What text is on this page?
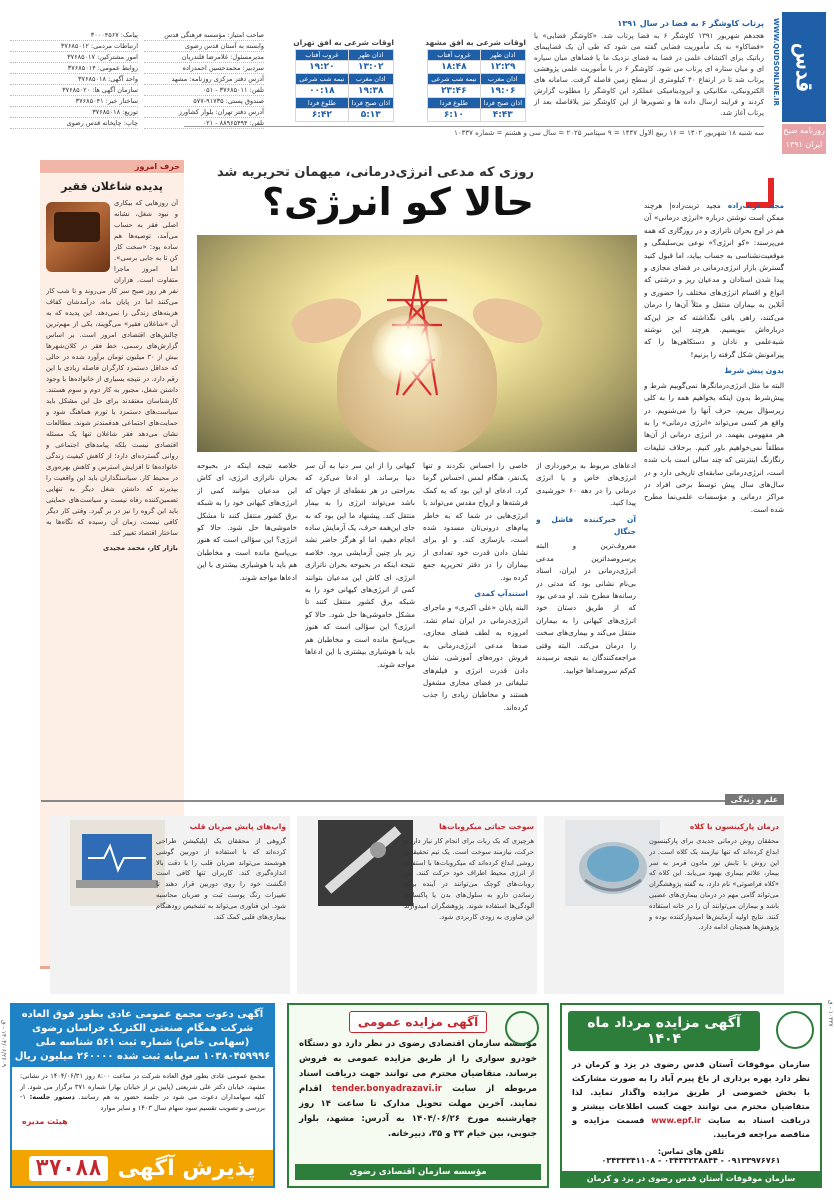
قدس
WWW.QUDSONLINE.IR
روزنامه صبح ایران ۱۳۹۱
پرتاب کاوشگر ۶ به فضا در سال ۱۳۹۱
هجدهم شهریور ۱۳۹۱ کاوشگر ۶ به فضا پرتاب شد. «کاوشگر فضایی» یا «فضاکاو» به یک مأموریت فضایی گفته می شود که طی آن یک فضاپیمای رباتیک برای اکتشاف علمی در فضا به فضای نزدیک ما یا فضاهای میان سیاره ای و میان ستاره ای پرتاب می شود. کاوشگر ۶ در با مأموریت علمی پژوهشی پرتاب شد تا در ارتفاع ۴۰ کیلومتری از سطح زمین فاصله گرفت. سامانه های الکترونیکی، مکانیکی و ایرودینامیکی عملکرد این کاوشگر را مطلوب گزارش کردند و فرایند ارسال داده ها و تصویرها از این کاوشگر نیز بلافاصله بعد از پرتاب آغاز شد.
اوقات شرعی به افق مشهد
اذان ظهر	غروب آفتاب
۱۲:۲۹	۱۸:۴۸
اذان مغرب	نیمه شب شرعی
۱۹:۰۶	۲۳:۴۶
اذان صبح فردا	طلوع فردا
۴:۴۳	۶:۱۰
اوقات شرعی به افق تهران
اذان ظهر	غروب آفتاب
۱۳:۰۲	۱۹:۲۰
اذان مغرب	نیمه شب شرعی
۱۹:۳۸	۰۰:۱۸
اذان صبح فردا	طلوع فردا
۵:۱۳	۶:۴۲
صاحب امتیاز: مؤسسه فرهنگی قدس
وابسته به آستان قدس رضوی
مدیرمسئول: غلامرضا قلندریان
سردبیر: محمدحسین احمدزاده
آدرس دفتر مرکزی روزنامه: مشهد
تلفن: ۳۷۶۸۵۰۱۱ - ۰۵۱
صندوق پستی: ۹۱۷۳۵-۵۷۷
آدرس دفتر تهران: بلوار کشاورز
تلفن: ۸۸۹۶۵۴۹۴ - ۰۲۱
پیامک: ۳۰۰۰۴۵۶۷
ارتباطات مردمی: ۳۷۶۸۵۰۱۲
امور مشترکین: ۳۷۶۸۵۰۱۷
روابط عمومی: ۳۷۶۸۵۰۱۴
واحد آگهی: ۳۷۶۸۵۰۱۸
سازمان آگهی ها: ۳۷۶۸۵۰۲۰
ساختار خبر: ۳۷۶۸۵۰۴۱
توزیع: ۳۷۶۸۵۰۱۸
چاپ: چاپخانه قدس رضوی
سه شنبه ۱۸ شهریور ۱۴۰۲ = ۱۶ ربیع الاول ۱۴۴۷ = ۹ سپتامبر ۲۰۲۵ = سال سی و هشتم = شماره ۱۰۳۳۷
روزی که مدعی انرژی‌درمانی، میهمان تحریریه شد
حالا کو انرژی؟	مجید تربت‌زاده مجید تربت‌زاده| هرچند ممکن است نوشتن درباره «انرژی درمانی» آن هم در اوج بحران ناترازی و در روزگاری که همه می‌پرسند: «کو انرژی؟» نوعی بی‌سلیقگی و موقعیت‌نشناسی به حساب بیاید، اما قبول کنید گسترش بازار انرژی‌درمانی در فضای مجازی و پیدا شدن استادان و مدعیان ریز و درشتی که انواع و اقسام انرژی‌های مختلف را حضوری و آنلاین به بیماران منتقل و مثلاً آن‌ها را درمان می‌کنند، راهی باقی نگذاشته که جز این‌که درباره‌اش بنویسیم. هرچند این نوشته شبه‌علمی و نادان و دستکاهی‌ها را که پیرامونش شکل گرفته را بزنیم!
بدون پیش شرط
البته ما مثل انرژی‌درمانگرها نمی‌گوییم شرط و پیش‌شرط بدون اینکه بخواهیم همه را به کلی زیرسؤال ببریم، حرف آنها را می‌شنویم. در واقع هر کسی می‌تواند «انرژی درمانی» را به هر مفهومی بفهمد. در انرژی درمانی از آن‌ها مطلقاً نمی‌خواهیم باور کنیم. برخلاف تبلیغات رنگارنگ اینترنتی که چند سالی است باب شده است، انرژی‌درمانی سابقه‌ای تاریخی دارد و در سال‌های سال پیش توسط برخی افراد در مراکز درمانی و مؤسسات علمی‌نما مطرح شده است.
ادعاهای مربوط به برخورداری از انرژی‌های خاص و یا انرژی درمانی را در دهه ۶۰ خورشیدی پیدا کنید.
آن خبرکننده فاشل و جنگال
معروف‌ترین و البته پرسروصداترین مدعی انرژی‌درمانی در ایران، استاد بی‌نام نشانی بود که مدتی در رسانه‌ها مطرح شد. او مدعی بود که از طریق دستان خود انرژی‌های کیهانی را به بیماران منتقل می‌کند و بیماری‌های سخت را درمان می‌کند. البته وقتی مراجعه‌کنندگان به نتیجه نرسیدند کم‌کم سروصداها خوابید.
خاصی را احساس نکردند و تنها یک‌نفر، هنگام لمس احساس گرما کرد. ادعای او این بود که به کمک فرشته‌ها و ارواح مقدس می‌تواند با انرژی‌هایی در شما که به خاطر پیام‌های درونی‌تان مسدود شده است، بازسازی کند. و او برای نشان دادن قدرت خود تعدادی از بیماران را در دفتر تحریریه جمع کرده بود.
استندآپ کمدی
البته پایان «علی اکبری» و ماجرای انرژی‌درمانی در ایران تمام نشد. امروزه به لطف فضای مجازی، صدها مدعی انرژی‌درمانی به فروش دوره‌های آموزشی، نشان دادن قدرت انرژی و فیلم‌های تبلیغاتی در فضای مجازی مشغول هستند و مخاطبان زیادی را جذب کرده‌اند.
کیهانی را از این سر دنیا به آن سر دنیا برساند. او ادعا می‌کرد که به‌راحتی در هر نقطه‌ای از جهان که باشد می‌تواند انرژی را به بیمار منتقل کند. پیشنهاد ما این بود که به جای این‌همه حرف، یک آزمایش ساده انجام دهیم، اما او هرگز حاضر نشد زیر بار چنین آزمایشی برود. خلاصه نتیجه اینکه در بحبوحه بحران ناترازی انرژی، ای کاش این مدعیان بتوانند کمی از انرژی‌های کیهانی خود را به شبکه برق کشور منتقل کنند تا مشکل خاموشی‌ها حل شود. حالا کو انرژی؟ این سؤالی است که هنوز بی‌پاسخ مانده است و مخاطبان هم باید با هوشیاری بیشتری با این ادعاها مواجه شوند.
خلاصه نتیجه اینکه در بحبوحه بحران ناترازی انرژی، ای کاش این مدعیان بتوانند کمی از انرژی‌های کیهانی خود را به شبکه برق کشور منتقل کنند تا مشکل خاموشی‌ها حل شود. حالا کو انرژی؟ این سؤالی است که هنوز بی‌پاسخ مانده است و مخاطبان هم باید با هوشیاری بیشتری با این ادعاها مواجه شوند.
حرف امروز
پدیده شاغلان فقیر
آن روزهایی که بیکاری و نبود شغل، نشانه اصلی فقر به حساب می‌آمد، توصیه‌ها هم ساده بود: «سخت کار کن تا به جایی برسی». اما امروز ماجرا متفاوت است. هزاران نفر هر روز صبح سر کار می‌روند و تا شب کار می‌کنند اما در پایان ماه، درآمدشان کفاف هزینه‌های زندگی را نمی‌دهد. این پدیده که به آن «شاغلان فقیر» می‌گویند، یکی از مهم‌ترین چالش‌های اقتصادی امروز است. بر اساس گزارش‌های رسمی، خط فقر در کلان‌شهرها بیش از ۳۰ میلیون تومان برآورد شده در حالی که حداقل دستمزد کارگران فاصله زیادی با این رقم دارد. در نتیجه بسیاری از خانواده‌ها با وجود داشتن شغل، مجبور به کار دوم و سوم هستند. کارشناسان معتقدند برای حل این مشکل باید سیاست‌های دستمزد با تورم هماهنگ شود و حمایت‌های اجتماعی هدفمندتر شوند. مطالعات نشان می‌دهد فقر شاغلان تنها یک مسئله اقتصادی نیست بلکه پیامدهای اجتماعی و روانی گسترده‌ای دارد؛ از کاهش کیفیت زندگی خانواده‌ها تا افزایش استرس و کاهش بهره‌وری در محیط کار. سیاستگذاران باید این واقعیت را بپذیرند که داشتن شغل دیگر به تنهایی تضمین‌کننده رفاه نیست و سیاست‌های حمایتی باید این گروه را نیز در بر گیرد. وقتی کار دیگر کافی نیست، زمان آن رسیده که نگاه‌ها به ساختار اقتصاد تغییر کند.
بازار کار، محمد مجیدی
علم و زندگی
درمان پارکینسون با کلاه
محققان روش درمانی جدیدی برای پارکینسون ابداع کرده‌اند که تنها نیازمند یک کلاه است. در این روش با تابش نور مادون قرمز به سر بیمار، علائم بیماری بهبود می‌یابد. این کلاه که «کلاه فراصوتی» نام دارد، به گفته پژوهشگران می‌تواند گامی مهم در درمان بیماری‌های عصبی باشد و بیماران می‌توانند آن را در خانه استفاده کنند. نتایج اولیه آزمایش‌ها امیدوارکننده بوده و پژوهش‌ها همچنان ادامه دارد.
سوخت حیاتی میکروبات‌ها
هرچیزی که یک ربات برای انجام کار نیاز دارد و حرکت، نیازمند سوخت است. یک تیم تحقیقاتی روشی ابداع کرده‌اند که میکروبات‌ها با استفاده از انرژی محیط اطراف خود حرکت کنند. این روبات‌های کوچک می‌توانند در آینده برای رساندن دارو به سلول‌های بدن یا پاکسازی آلودگی‌ها استفاده شوند. پژوهشگران امیدوارند این فناوری به زودی کاربردی شود.
واپ‌های پایش ضربان قلب
گروهی از محققان یک اپلیکیشن طراحی کرده‌اند که با استفاده از دوربین گوشی هوشمند می‌تواند ضربان قلب را با دقت بالا اندازه‌گیری کند. کاربران تنها کافی است انگشت خود را روی دوربین قرار دهند تا تغییرات رنگ پوست ثبت و ضربان محاسبه شود. این فناوری می‌تواند به تشخیص زودهنگام بیماری‌های قلبی کمک کند.
آگهی مزایده مرداد ماه ۱۴۰۴
سازمان موقوفات آستان قدس رضوی در یزد و کرمان در نظر دارد بهره برداری از باغ پیرم آباد را به صورت مشارکت با بخش خصوصی از طریق مزایده واگذار نماید. لذا متقاضیان محترم می توانند جهت کسب اطلاعات بیشتر و دریافت اسناد به سایت www.epf.ir قسمت مزایده و مناقصه مراجعه فرمایید.
تلفن های تماس:
۰۹۱۳۳۹۷۶۷۶۱ - ۰۳۴۳۳۲۳۸۸۴۴ - ۰۳۴۳۴۳۴۱۱۰۸
سازمان موقوفات آستان قدس رضوی در یزد و کرمان
آگهی مزایده عمومی
مؤسسه سازمان اقتصادی رضوی در نظر دارد دو دستگاه خودرو سواری را از طریق مزایده عمومی به فروش برساند. متقاضیان محترم می توانند جهت دریافت اسناد مربوطه از سایت tender.bonyadrazavi.ir اقدام نمایند. آخرین مهلت تحویل مدارک تا ساعت ۱۴ روز چهارشنبه مورخ ۱۴۰۴/۰۶/۲۶ به آدرس: مشهد، بلوار جنوبی، بین خیام ۳۳ و ۳۵، دبیرخانه.
مؤسسه سازمان اقتصادی رضوی
آگهی دعوت مجمع عمومی عادی بطور فوق العاده شرکت همگام صنعتی الکتریک خراسان رضوی (سهامی خاص) شماره ثبت ۵۶۱ شناسه ملی ۱۰۳۸۰۴۵۹۹۹۶ سرمایه ثبت شده ۲۶۰۰۰۰ میلیون ریال
مجمع عمومی عادی بطور فوق العاده شرکت در ساعت ۸:۰۰ روز ۱۴۰۴/۰۶/۳۱ در نشانی: مشهد، خیابان دکتر علی شریعتی (پایین تر از خیابان بهار) شماره ۳۷۱ برگزار می شود. از کلیه سهامداران دعوت می شود در جلسه حضور به هم رسانند. دستور جلسه: ۱- بررسی و تصویب تقسیم سود سهام سال ۱۴۰۳ و سایر موارد
هیئت مدیره
پذیرش آگهی
۳۷۰۸۸
۱۴۰۴/۰۶/۲۶۰۹ - ق
۱۰۳۳۷ - ق
